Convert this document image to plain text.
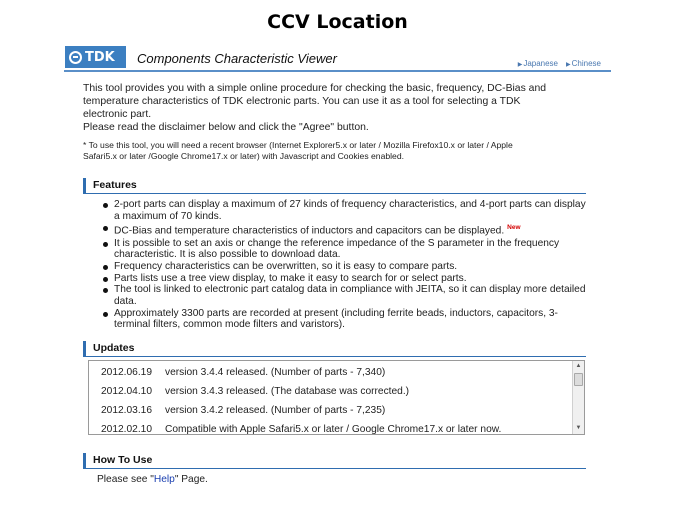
CCV Location
TDK Components Characteristic Viewer	▶Japanese ▶Chinese
This tool provides you with a simple online procedure for checking the basic, frequency, DC-Bias and
temperature characteristics of TDK electronic parts. You can use it as a tool for selecting a TDK
electronic part.
Please read the disclaimer below and click the "Agree" button.
* To use this tool, you will need a recent browser (Internet Explorer5.x or later / Mozilla Firefox10.x or later / Apple
Safari5.x or later /Google Chrome17.x or later) with Javascript and Cookies enabled.
Features
2-port parts can display a maximum of 27 kinds of frequency characteristics, and 4-port parts can display a maximum of 70 kinds.
DC-Bias and temperature characteristics of inductors and capacitors can be displayed. $^{New}$
It is possible to set an axis or change the reference impedance of the S parameter in the frequency characteristic. It is also possible to download data.
Frequency characteristics can be overwritten, so it is easy to compare parts.
Parts lists use a tree view display, to make it easy to search for or select parts.
The tool is linked to electronic part catalog data in compliance with JEITA, so it can display more detailed data.
Approximately 3300 parts are recorded at present (including ferrite beads, inductors, capacitors, 3-terminal filters, common mode filters and varistors).
Updates
2012.06.19 version 3.4.4 released. (Number of parts - 7,340)
2012.04.10 version 3.4.3 released. (The database was corrected.)
2012.03.16 version 3.4.2 released. (Number of parts - 7,235)
2012.02.10 Compatible with Apple Safari5.x or later / Google Chrome17.x or later now.
▲
▼
How To Use
Please see "Help" Page.
